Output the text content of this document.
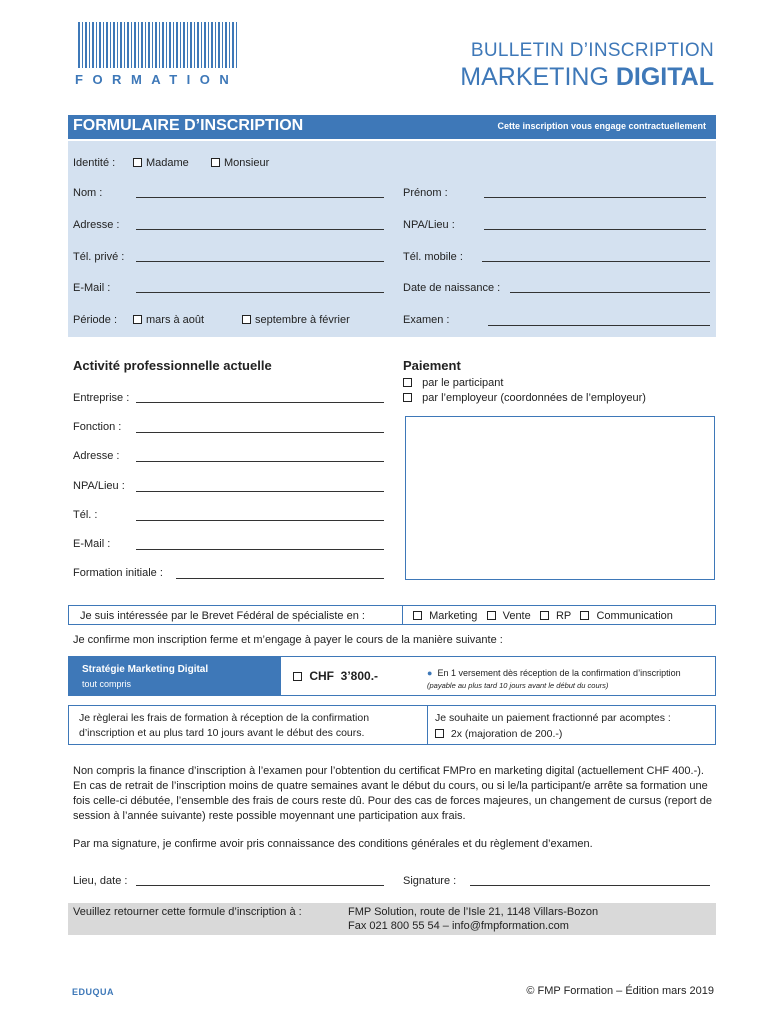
FORMATION
BULLETIN D’INSCRIPTION
MARKETING DIGITAL
FORMULAIRE D’INSCRIPTION	Cette inscription vous engage contractuellement
Identité :	Madame	Monsieur
Nom :	Prénom :
Adresse :	NPA/Lieu :
Tél. privé :	Tél. mobile :
E-Mail :	Date de naissance :
Période :	mars à août	septembre à février	Examen :
Activité professionnelle actuelle
Entreprise :
Fonction :
Adresse :
NPA/Lieu :
Tél. :
E-Mail :
Formation initiale :
Paiement
par le participant
par l’employeur (coordonnées de l’employeur)
Je suis intéressée par le Brevet Fédéral de spécialiste en :	Marketing Vente RP Communication
Je confirme mon inscription ferme et m’engage à payer le cours de la manière suivante :
Stratégie Marketing Digital
tout compris
CHF  3’800.-	● En 1 versement dès réception de la confirmation d’inscription
(payable au plus tard 10 jours avant le début du cours)
Je règlerai les frais de formation à réception de la confirmation
d’inscription et au plus tard 10 jours avant le début des cours.
Je souhaite un paiement fractionné par acomptes :
2x (majoration de 200.-)
Non compris la finance d’inscription à l’examen pour l’obtention du certificat FMPro en marketing digital (actuellement CHF 400.-). En cas de retrait de l’inscription moins de quatre semaines avant le début du cours, ou si le/la participant/e arrête sa formation une fois celle-ci débutée, l’ensemble des frais de cours reste dû. Pour des cas de forces majeures, un changement de cursus (report de session à l’année suivante) reste possible moyennant une participation aux frais.
Par ma signature, je confirme avoir pris connaissance des conditions générales et du règlement d’examen.
Lieu, date :	Signature :
Veuillez retourner cette formule d’inscription à :	FMP Solution, route de l’Isle 21, 1148 Villars-Bozon
Fax 021 800 55 54 – info@fmpformation.com
EDUQUA	© FMP Formation – Édition mars 2019
